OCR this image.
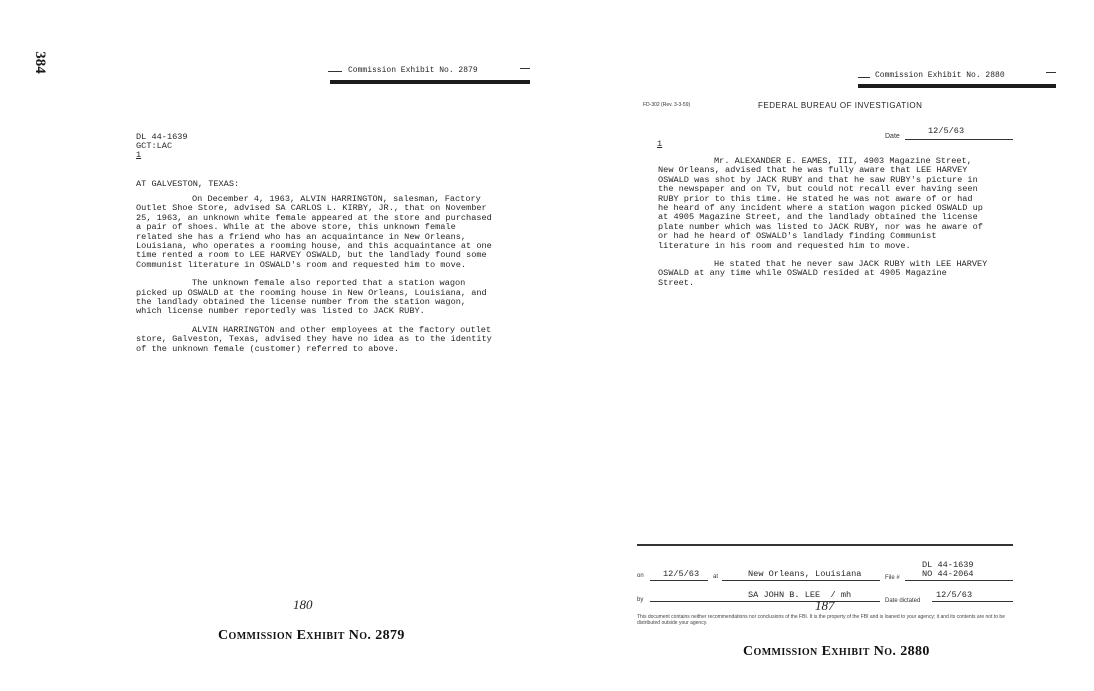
384	Commission Exhibit No. 2879
DL 44-1639
GCT:LAC
1
AT GALVESTON, TEXAS:

On December 4, 1963, ALVIN HARRINGTON, salesman, Factory Outlet Shoe Store, advised SA CARLOS L. KIRBY, JR., that on November 25, 1963, an unknown white female appeared at the store and purchased a pair of shoes. While at the above store, this unknown female related she has a friend who has an acquaintance in New Orleans, Louisiana, who operates a rooming house, and this acquaintance at one time rented a room to LEE HARVEY OSWALD, but the landlady found some Communist literature in OSWALD's room and requested him to move.

The unknown female also reported that a station wagon picked up OSWALD at the rooming house in New Orleans, Louisiana, and the landlady obtained the license number from the station wagon, which license number reportedly was listed to JACK RUBY.

ALVIN HARRINGTON and other employees at the factory outlet store, Galveston, Texas, advised they have no idea as to the identity of the unknown female (customer) referred to above.

180
Commission Exhibit No. 2879
Commission Exhibit No. 2880
FD-302 (Rev. 3-3-59)	FEDERAL BUREAU OF INVESTIGATION
Date
12/5/63
1

Mr. ALEXANDER E. EAMES, III, 4903 Magazine Street, New Orleans, advised that he was fully aware that LEE HARVEY OSWALD was shot by JACK RUBY and that he saw RUBY's picture in the newspaper and on TV, but could not recall ever having seen RUBY prior to this time. He stated he was not aware of or had he heard of any incident where a station wagon picked OSWALD up at 4905 Magazine Street, and the landlady obtained the license plate number which was listed to JACK RUBY, nor was he aware of or had he heard of OSWALD's landlady finding Communist literature in his room and requested him to move.

He stated that he never saw JACK RUBY with LEE HARVEY OSWALD at any time while OSWALD resided at 4905 Magazine Street.

on 12/5/63 at	New Orleans, Louisiana	File #
DL 44-1639
NO 44-2064
by	SA JOHN B. LEE  / mh
Date dictated
12/5/63
187
This document contains neither recommendations nor conclusions of the FBI. It is the property of the FBI and is loaned to your agency; it and its contents are not to be distributed outside your agency.
Commission Exhibit No. 2880
